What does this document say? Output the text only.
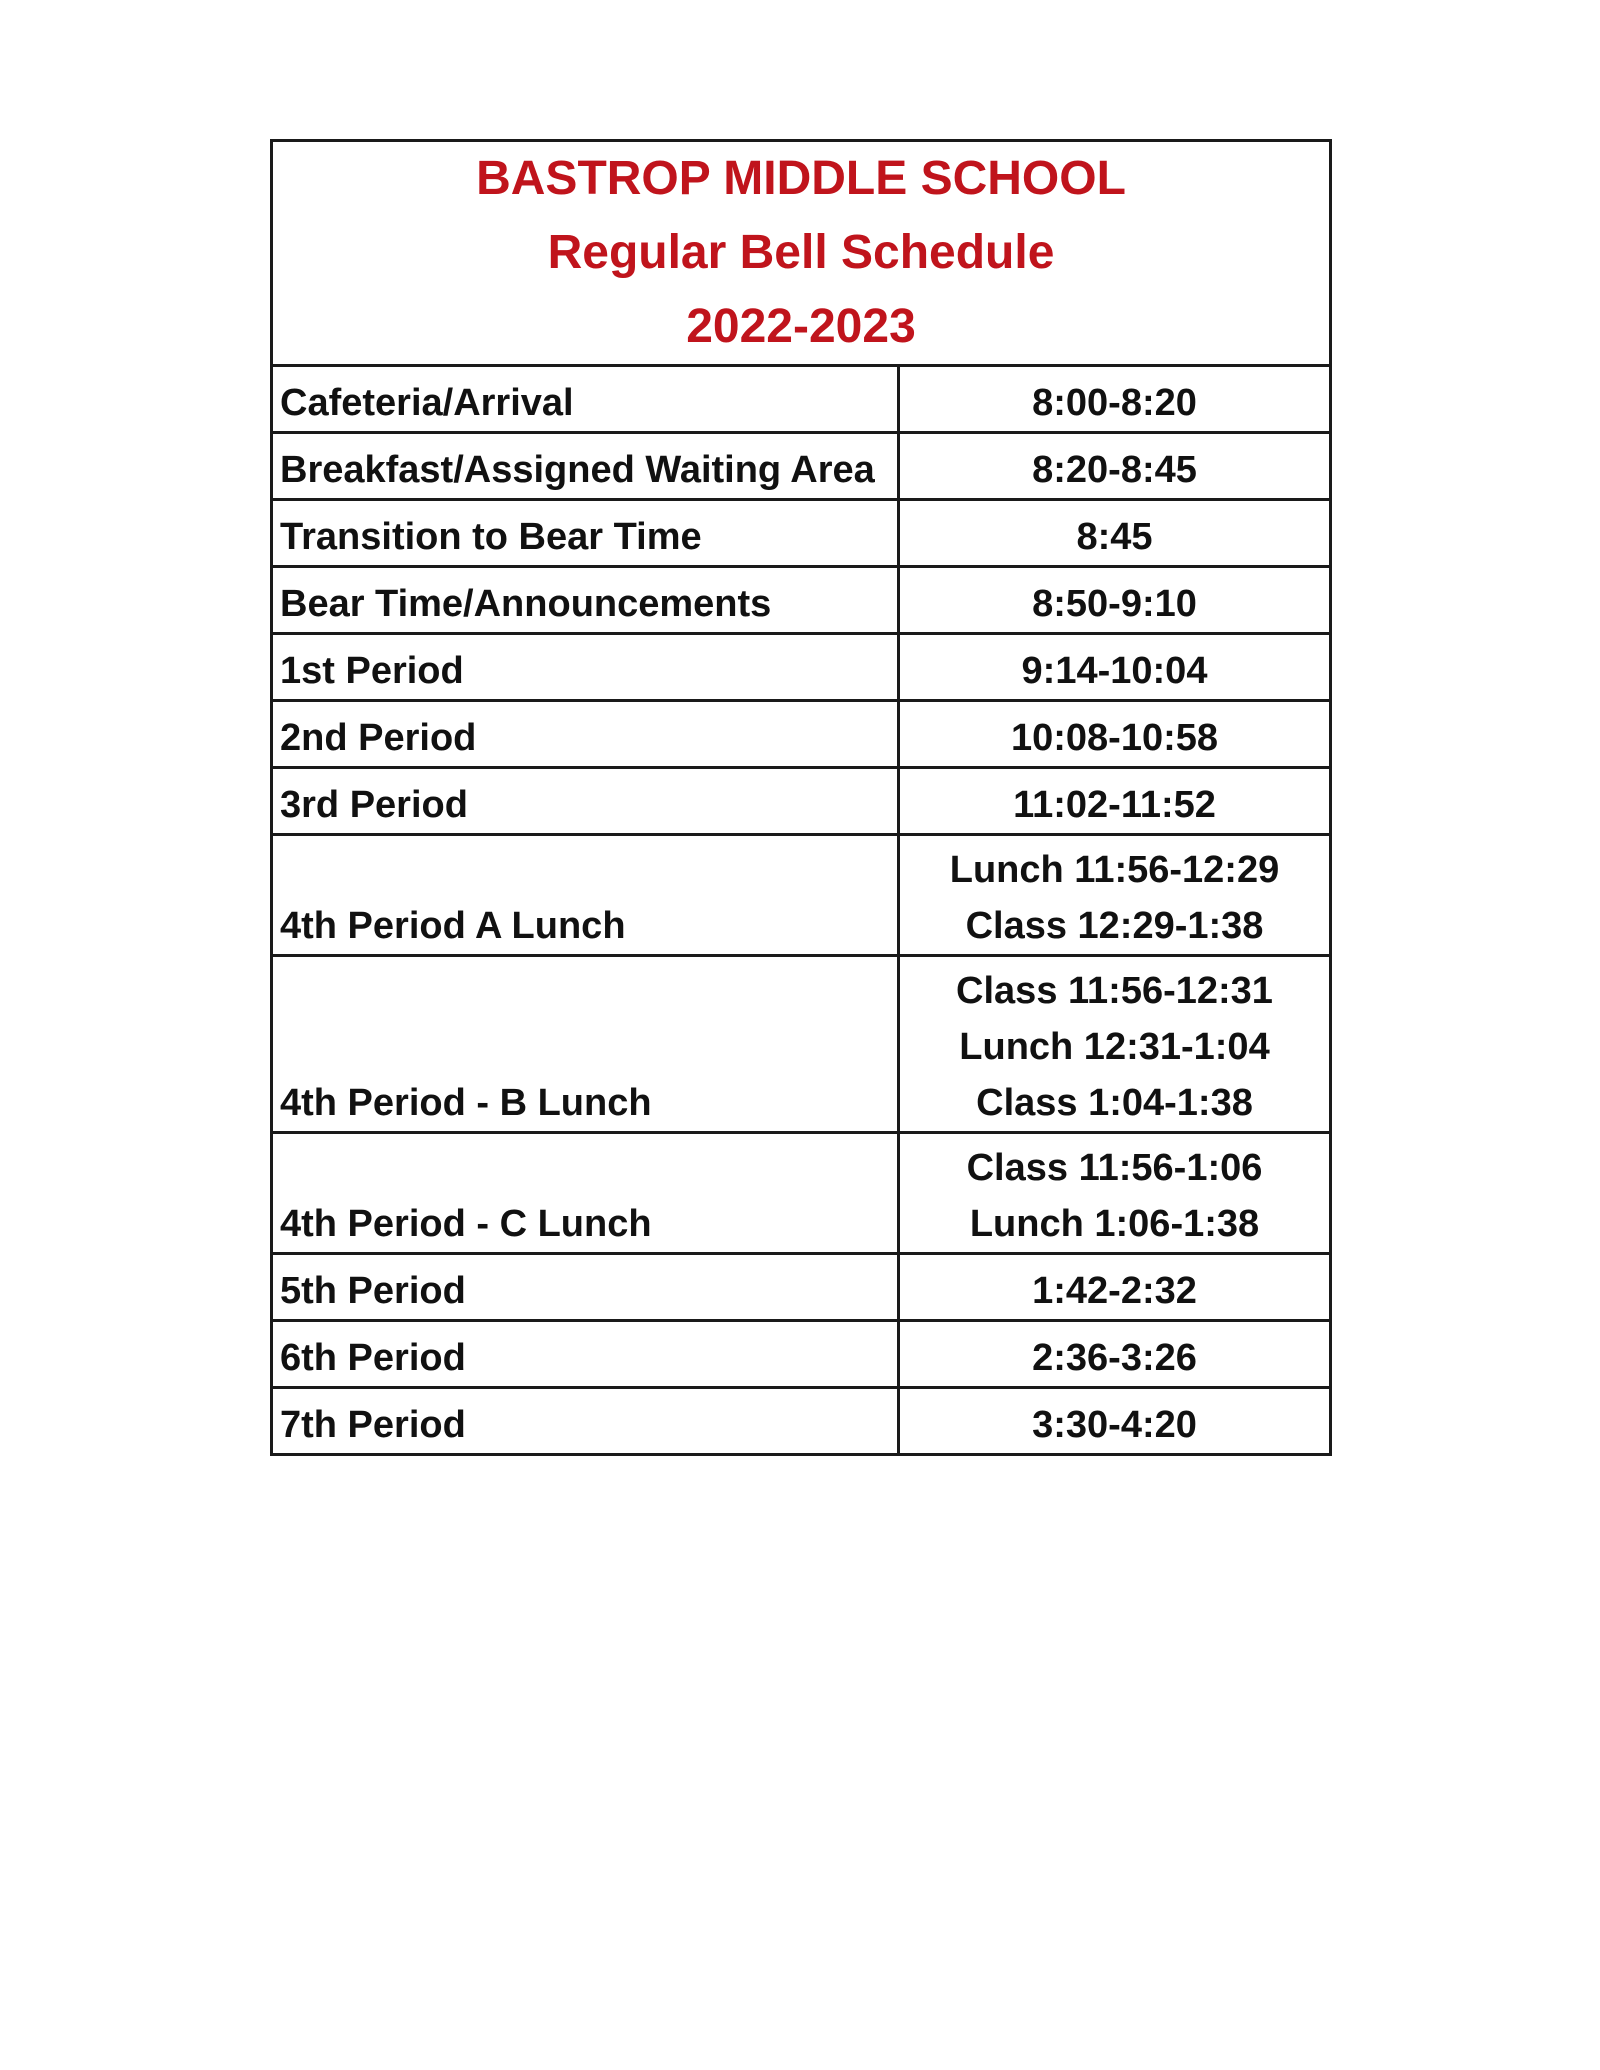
BASTROP MIDDLE SCHOOL
Regular Bell Schedule
2022-2023	

Cafeteria/Arrival	8:00-8:20

Breakfast/Assigned Waiting Area	8:20-8:45

Transition to Bear Time	8:45

Bear Time/Announcements	8:50-9:10

1st Period	9:14-10:04

2nd Period	10:08-10:58

3rd Period	11:02-11:52

4th Period A Lunch	Lunch 11:56-12:29
Class 12:29-1:38

4th Period - B Lunch	Class 11:56-12:31
Lunch 12:31-1:04
Class 1:04-1:38

4th Period - C Lunch	Class 11:56-1:06
Lunch 1:06-1:38

5th Period	1:42-2:32

6th Period	2:36-3:26

7th Period	3:30-4:20
